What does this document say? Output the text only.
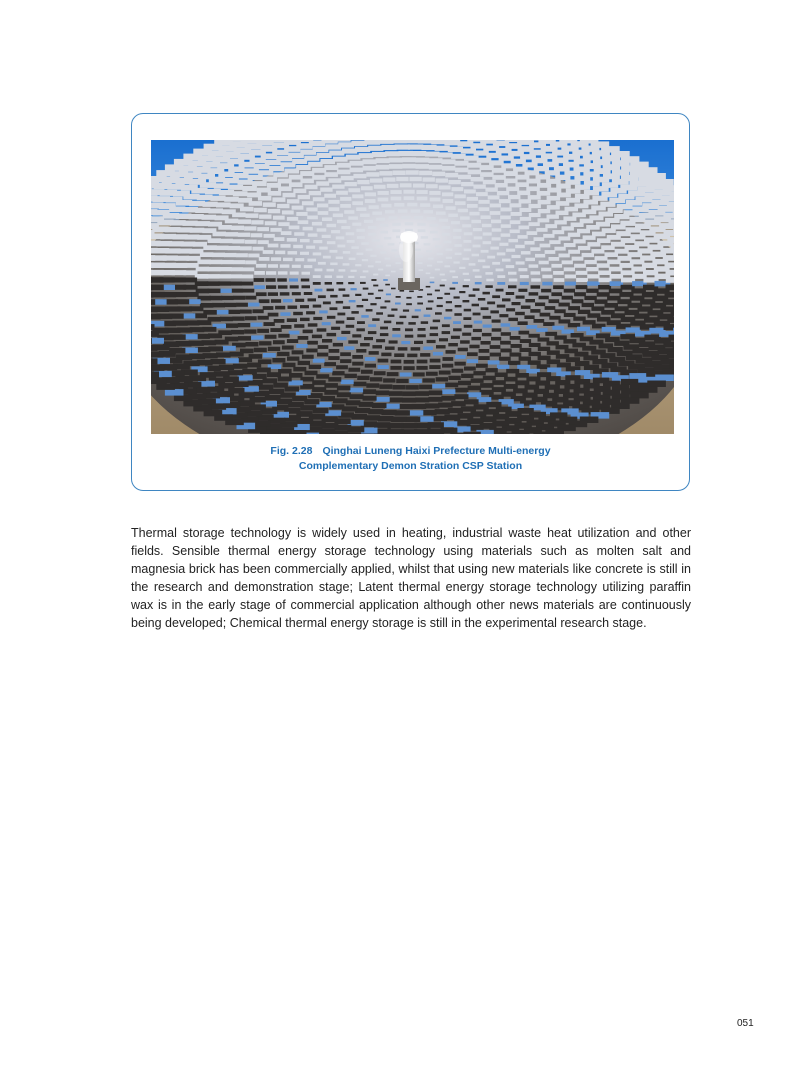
Fig. 2.28 Qinghai Luneng Haixi Prefecture Multi-energy
Complementary Demon Stration CSP Station

Thermal storage technology is widely used in heating, industrial waste heat utilization and other fields. Sensible thermal energy storage technology using materials such as molten salt and magnesia brick has been commercially applied, whilst that using new materials like concrete is still in the research and demonstration stage; Latent thermal energy storage technology utilizing paraffin wax is in the early stage of commercial application although other news materials are continuously being developed; Chemical thermal energy storage is still in the experimental research stage.

051
